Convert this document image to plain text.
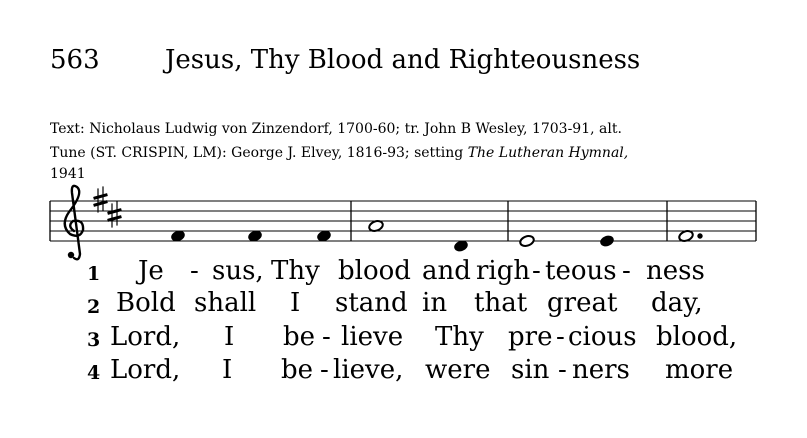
563	Jesus, Thy Blood and Righteousness
Text: Nicholaus Ludwig von Zinzendorf, 1700-60; tr. John B Wesley, 1703-91, alt.
Tune (ST. CRISPIN, LM): George J. Elvey, 1816-93; setting The Lutheran Hymnal,
1941
1 Je - sus, Thy blood and righ - teous - ness
2 Bold shall I stand in that great day,
3 Lord, I be - lieve Thy pre - cious blood,
4 Lord, I be - lieve, were sin - ners more
